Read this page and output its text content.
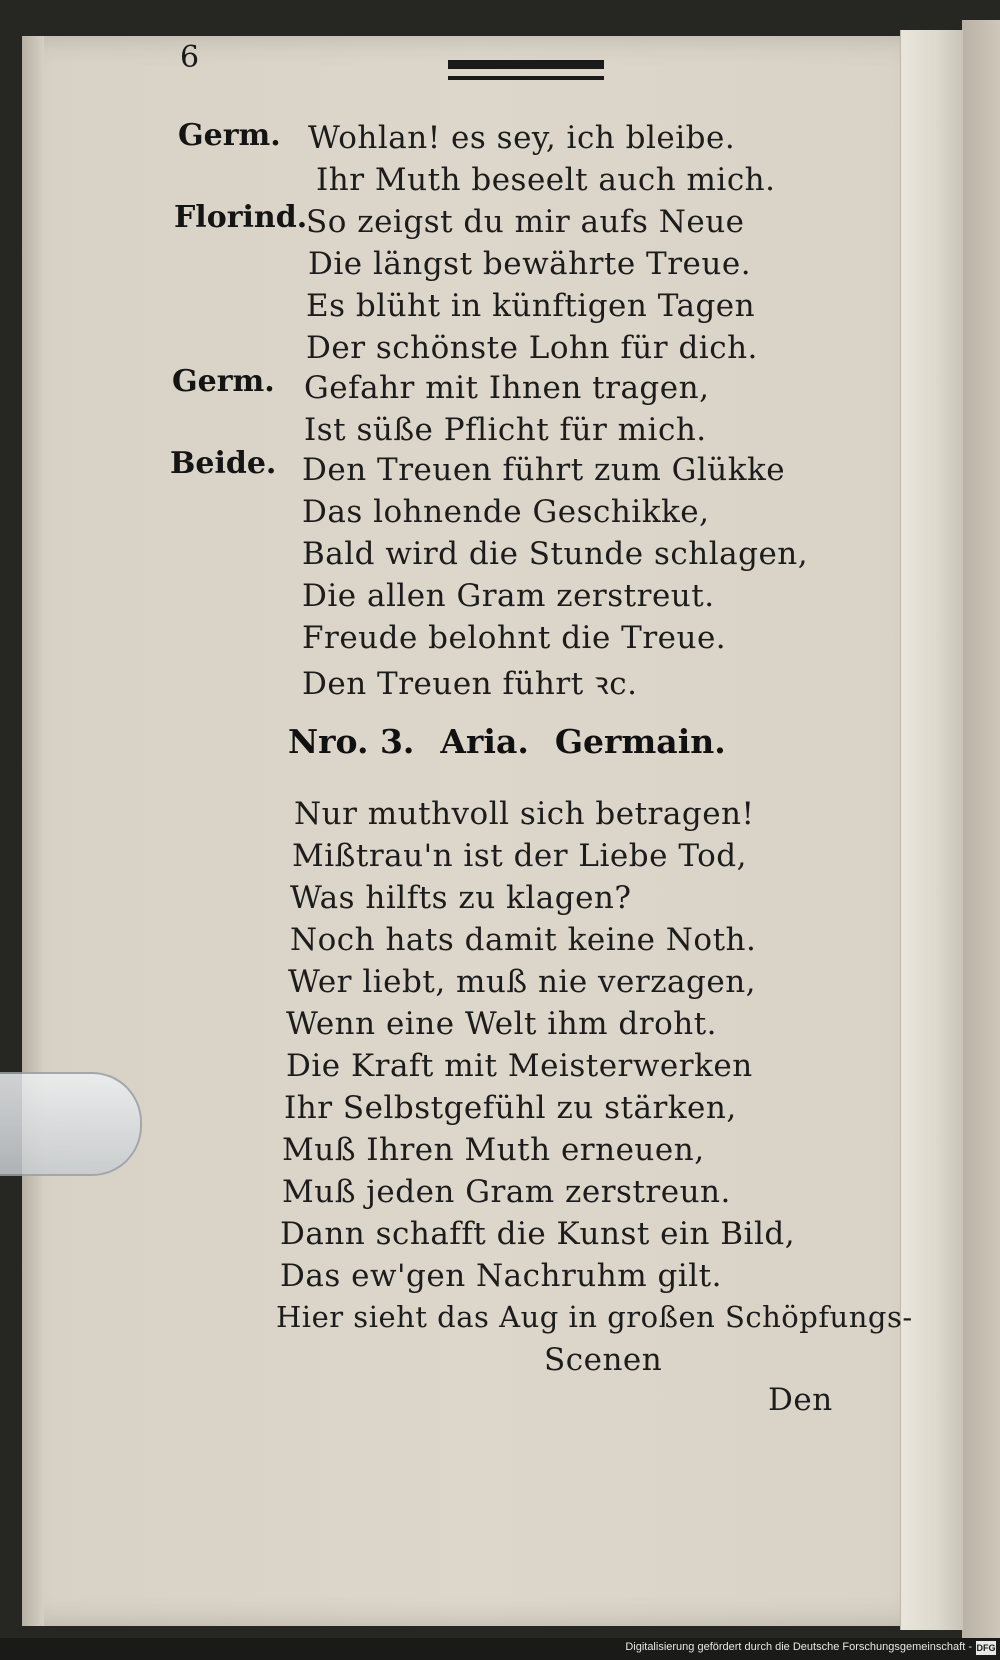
6
Germ. Wohlan! es sey, ich bleibe.
Ihr Muth beseelt auch mich.
Florind.
So zeigst du mir aufs Neue
Die längst bewährte Treue.
Es blüht in künftigen Tagen
Der schönste Lohn für dich.
Germ. Gefahr mit Ihnen tragen,
Ist süße Pflicht für mich.
Beide. Den Treuen führt zum Glükke
Das lohnende Geschikke,
Bald wird die Stunde schlagen,
Die allen Gram zerstreut.
Freude belohnt die Treue.
Den Treuen führt ꝛc.
Nro. 3. Aria. Germain.
Nur muthvoll sich betragen!
Mißtrau'n ist der Liebe Tod,
Was hilfts zu klagen?
Noch hats damit keine Noth.
Wer liebt, muß nie verzagen,
Wenn eine Welt ihm droht.
Die Kraft mit Meisterwerken
Ihr Selbstgefühl zu stärken,
Muß Ihren Muth erneuen,
Muß jeden Gram zerstreun.
Dann schafft die Kunst ein Bild,
Das ew'gen Nachruhm gilt.
Hier sieht das Aug in großen Schöpfungs-
Scenen
Den
Digitalisierung gefördert durch die Deutsche Forschungsgemeinschaft - DFG
